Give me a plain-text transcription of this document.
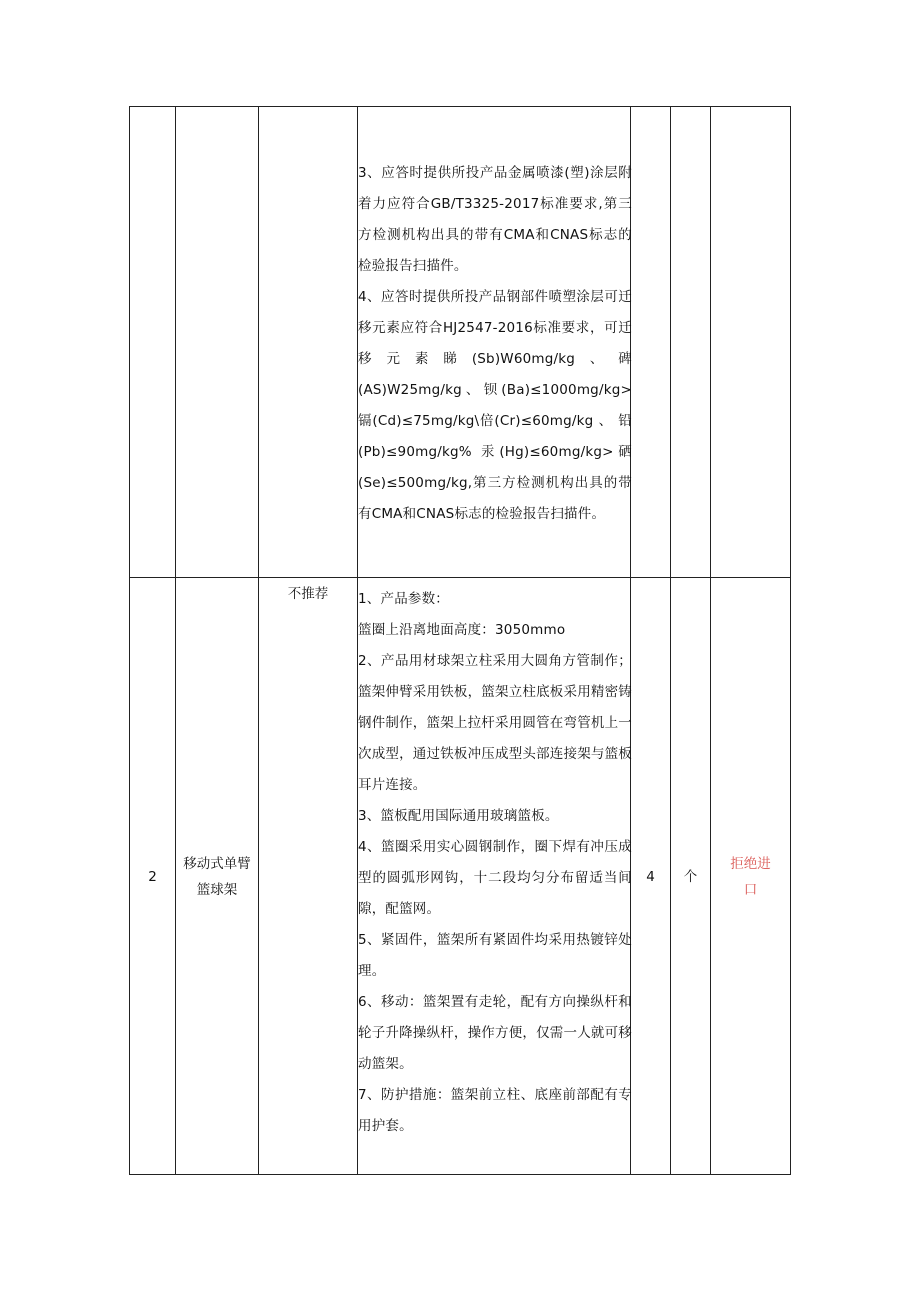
3、应答时提供所投产品金属喷漆(塑)涂层附着力应符合GB/T3325-2017标准要求,第三方检测机构出具的带有CMA和CNAS标志的检验报告扫描件。

4、应答时提供所投产品钢部件喷塑涂层可迁移元素应符合HJ2547-2016标准要求，可迁移元素睇(Sb)W60mg/kg、碑(AS)W25mg/kg、钡(Ba)≤1000mg/kg>镉(Cd)≤75mg/kg\倍(Cr)≤60mg/kg 、 铅 (Pb)≤90mg/kg% 汞(Hg)≤60mg/kg>硒(Se)≤500mg/kg,第三方检测机构出具的带有CMA和CNAS标志的检验报告扫描件。

2
移动式单臂
篮球架
不推荐	1、产品参数：

篮圈上沿离地面高度：3050mmo

2、产品用材球架立柱采用大圆角方管制作；篮架伸臂采用铁板，篮架立柱底板采用精密铸钢件制作，篮架上拉杆采用圆管在弯管机上一次成型，通过铁板冲压成型头部连接架与篮板耳片连接。

3、篮板配用国际通用玻璃篮板。

4、篮圈采用实心圆钢制作，圈下焊有冲压成型的圆弧形网钩，十二段均匀分布留适当间隙，配篮网。

5、紧固件，篮架所有紧固件均采用热镀锌处理。

6、移动：篮架置有走轮，配有方向操纵杆和轮子升降操纵杆，操作方便，仅需一人就可移动篮架。

7、防护措施：篮架前立柱、底座前部配有专用护套。

4	个
拒绝进
口
